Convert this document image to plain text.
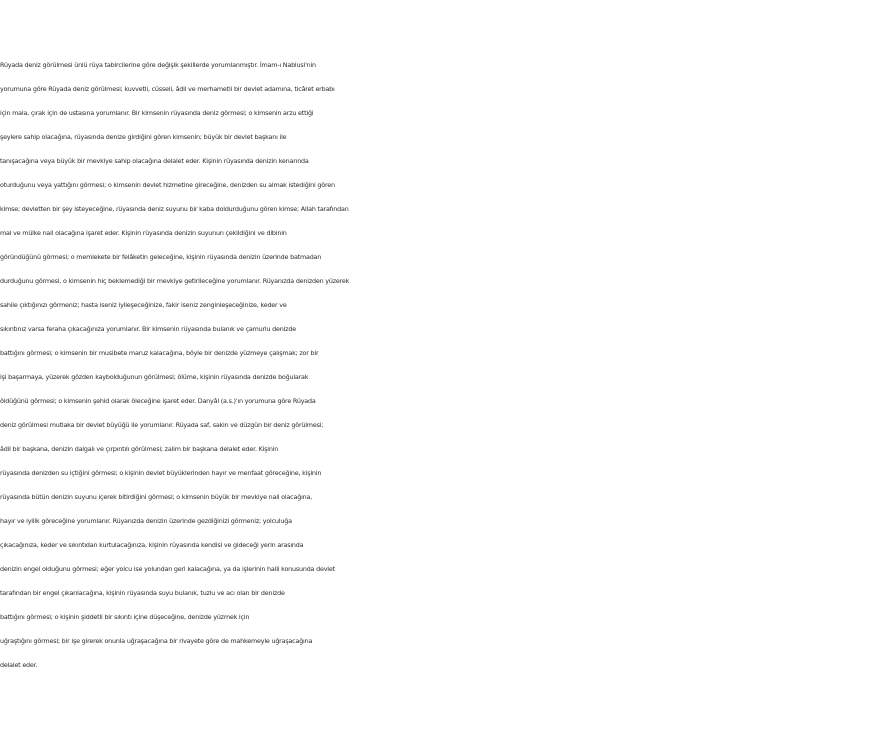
Rüyada deniz görülmesi ünlü rüya tabircilerine göre değişik şekillerde yorumlanmıştır. İmam-ı Nablusi'nin
yorumuna göre Rüyada deniz görülmesi; kuvvetli, cüsseli, âdil ve merhametli bir devlet adamına, ticâret erbabı
için mala, çırak için de ustasına yorumlanır. Bir kimsenin rüyasında deniz görmesi; o kimsenin arzu ettiği
şeylere sahip olacağına, rüyasında denize girdiğini gören kimsenin; büyük bir devlet başkanı ile
tanışacağına veya büyük bir mevkiye sahip olacağına delalet eder. Kişinin rüyasında denizin kenarında
oturduğunu veya yattığını görmesi; o kimsenin devlet hizmetine gireceğine, denizden su almak istediğini gören
kimse; devletten bir şey isteyeceğine, rüyasında deniz suyunu bir kaba doldurduğunu gören kimse; Allah tarafından
mal ve mülke nail olacağına işaret eder. Kişinin rüyasında denizin suyunun çekildiğini ve dibinin
göründüğünü görmesi; o memlekete bir felâketin geleceğine, kişinin rüyasında denizin üzerinde batmadan
durduğunu görmesi, o kimsenin hiç beklemediği bir mevkiye getirileceğine yorumlanır. Rüyanızda denizden yüzerek
sahile çıktığınızı görmeniz; hasta iseniz iyileşeceğinize, fakir iseniz zenginleşeceğinize, keder ve
sıkıntınız varsa feraha çıkacağınıza yorumlanır. Bir kimsenin rüyasında bulanık ve çamurlu denizde
battığını görmesi; o kimsenin bir musibete maruz kalacağına, böyle bir denizde yüzmeye çalışmak; zor bir
işi başarmaya, yüzerek gözden kaybolduğunun görülmesi; ölüme, kişinin rüyasında denizde boğularak
öldüğünü görmesi; o kimsenin şehid olarak öleceğine işaret eder. Danyâl (a.s.)'ın yorumuna göre Rüyada
deniz görülmesi mutlaka bir devlet büyüğü ile yorumlanır. Rüyada saf, sakin ve düzgün bir deniz görülmesi;
âdil bir başkana, denizin dalgalı ve çırpıntılı görülmesi; zalim bir başkana delalet eder. Kişinin
rüyasında denizden su içtiğini görmesi; o kişinin devlet büyüklerinden hayır ve menfaat göreceğine, kişinin
rüyasında bütün denizin suyunu içerek bitirdiğini görmesi; o kimsenin büyük bir mevkiye nail olacağına,
hayır ve iyilik göreceğine yorumlanır. Rüyanızda denizin üzerinde gezdiğinizi görmeniz; yolculuğa
çıkacağınıza, keder ve sıkıntıdan kurtulacağınıza, kişinin rüyasında kendisi ve gideceği yerin arasında
denizin engel olduğunu görmesi; eğer yolcu ise yolundan geri kalacağına, ya da işlerinin halli konusunda devlet
tarafından bir engel çıkarılacağına, kişinin rüyasında suyu bulanık, tuzlu ve acı olan bir denizde
battığını görmesi; o kişinin şiddetli bir sıkıntı içine düşeceğine, denizde yüzmek için
uğraştığını görmesi; bir işe girerek onunla uğraşacağına bir rivayete göre de mahkemeyle uğraşacağına
delalet eder.
